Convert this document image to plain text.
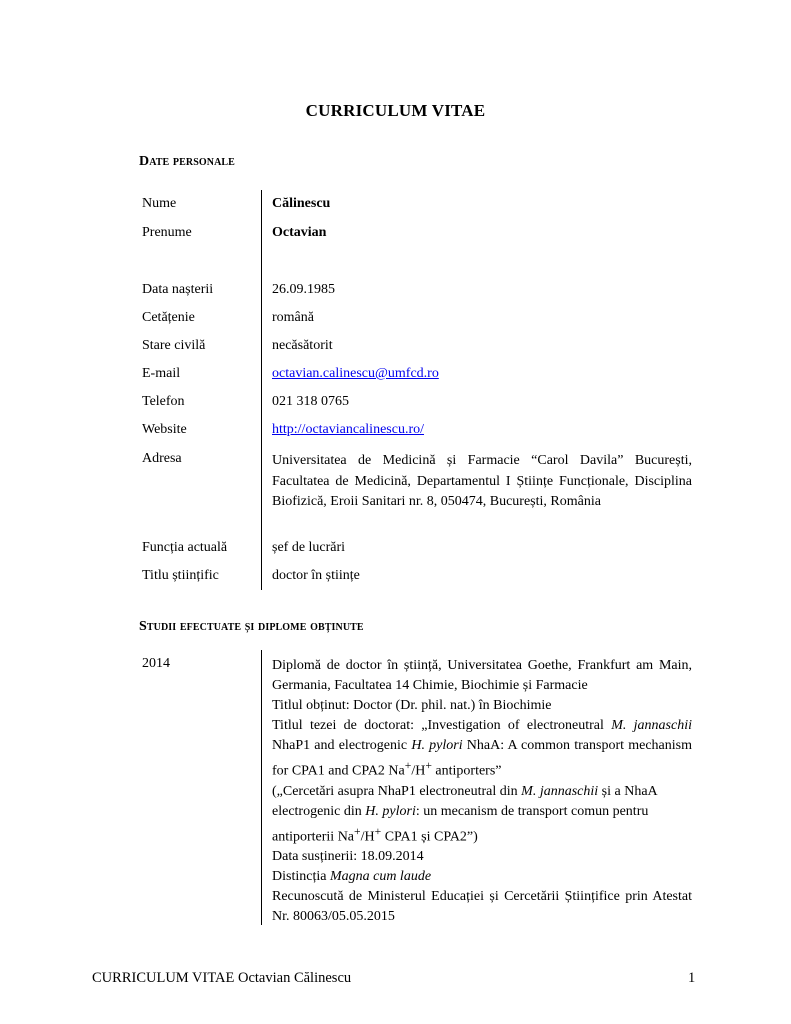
CURRICULUM VITAE
Date personale
Nume	Călinescu
Prenume	Octavian
Data nașterii	26.09.1985
Cetățenie	română
Stare civilă	necăsătorit
E-mail	octavian.calinescu@umfcd.ro
Telefon	021 318 0765
Website	http://octaviancalinescu.ro/
Adresa	Universitatea de Medicină și Farmacie “Carol Davila” București, Facultatea de Medicină, Departamentul I Științe Funcționale, Disciplina Biofizică, Eroii Sanitari nr. 8, 050474, București, România
Funcția actuală	șef de lucrări
Titlu științific	doctor în științe
Studii efectuate și diplome obținute
2014	Diplomă de doctor în știință, Universitatea Goethe, Frankfurt am Main, Germania, Facultatea 14 Chimie, Biochimie și Farmacie
Titlul obținut: Doctor (Dr. phil. nat.) în Biochimie
Titlul tezei de doctorat: „Investigation of electroneutral M. jannaschii NhaP1 and electrogenic H. pylori NhaA: A common transport mechanism for CPA1 and CPA2 Na+/H+ antiporters”
(„Cercetări asupra NhaP1 electroneutral din M. jannaschii și a NhaA electrogenic din H. pylori: un mecanism de transport comun pentru antiporterii Na+/H+ CPA1 și CPA2”)
Data susținerii: 18.09.2014
Distincția Magna cum laude
Recunoscută de Ministerul Educației și Cercetării Științifice prin Atestat Nr. 80063/05.05.2015
CURRICULUM VITAE Octavian Călinescu	1
